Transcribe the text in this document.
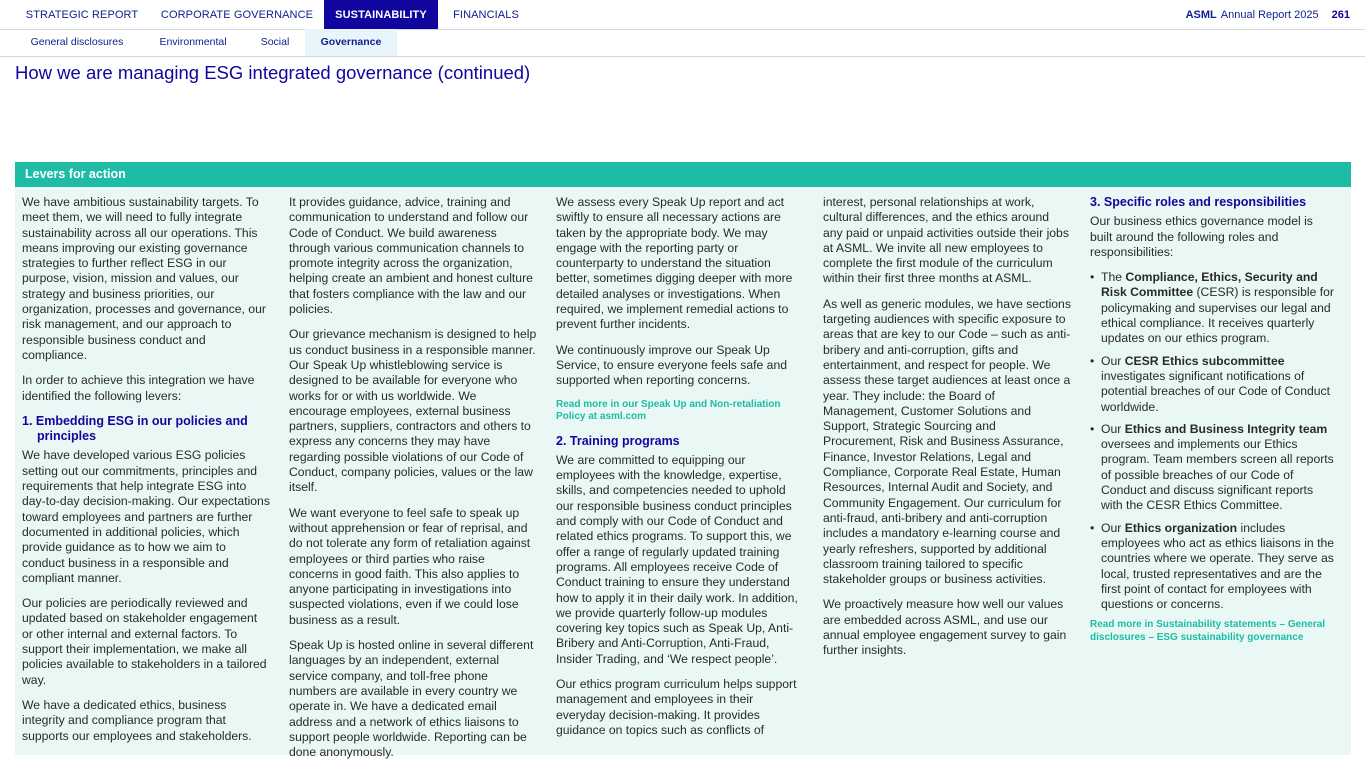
STRATEGIC REPORT	CORPORATE GOVERNANCE	SUSTAINABILITY	FINANCIALS	ASML Annual Report 2025 261
General disclosures	Environmental	Social	Governance
How we are managing ESG integrated governance (continued)
Levers for action

We have ambitious sustainability targets. To meet them, we will need to fully integrate sustainability across all our operations. This means improving our existing governance strategies to further reflect ESG in our purpose, vision, mission and values, our strategy and business priorities, our organization, processes and governance, our risk management, and our approach to responsible business conduct and compliance.

In order to achieve this integration we have identified the following levers:

1. Embedding ESG in our policies and principles

We have developed various ESG policies setting out our commitments, principles and requirements that help integrate ESG into day-to-day decision-making. Our expectations toward employees and partners are further documented in additional policies, which provide guidance as to how we aim to conduct business in a responsible and compliant manner.

Our policies are periodically reviewed and updated based on stakeholder engagement or other internal and external factors. To support their implementation, we make all policies available to stakeholders in a tailored way.

We have a dedicated ethics, business integrity and compliance program that supports our employees and stakeholders.

It provides guidance, advice, training and communication to understand and follow our Code of Conduct. We build awareness through various communication channels to promote integrity across the organization, helping create an ambient and honest culture that fosters compliance with the law and our policies.

Our grievance mechanism is designed to help us conduct business in a responsible manner. Our Speak Up whistleblowing service is designed to be available for everyone who works for or with us worldwide. We encourage employees, external business partners, suppliers, contractors and others to express any concerns they may have regarding possible violations of our Code of Conduct, company policies, values or the law itself.

We want everyone to feel safe to speak up without apprehension or fear of reprisal, and do not tolerate any form of retaliation against employees or third parties who raise concerns in good faith. This also applies to anyone participating in investigations into suspected violations, even if we could lose business as a result.

Speak Up is hosted online in several different languages by an independent, external service company, and toll-free phone numbers are available in every country we operate in. We have a dedicated email address and a network of ethics liaisons to support people worldwide. Reporting can be done anonymously.

We assess every Speak Up report and act swiftly to ensure all necessary actions are taken by the appropriate body. We may engage with the reporting party or counterparty to understand the situation better, sometimes digging deeper with more detailed analyses or investigations. When required, we implement remedial actions to prevent further incidents.

We continuously improve our Speak Up Service, to ensure everyone feels safe and supported when reporting concerns.

Read more in our Speak Up and Non-retaliation Policy at asml.com

2. Training programs

We are committed to equipping our employees with the knowledge, expertise, skills, and competencies needed to uphold our responsible business conduct principles and comply with our Code of Conduct and related ethics programs. To support this, we offer a range of regularly updated training programs. All employees receive Code of Conduct training to ensure they understand how to apply it in their daily work. In addition, we provide quarterly follow-up modules covering key topics such as Speak Up, Anti-Bribery and Anti-Corruption, Anti-Fraud, Insider Trading, and ‘We respect people’.

Our ethics program curriculum helps support management and employees in their everyday decision-making. It provides guidance on topics such as conflicts of

interest, personal relationships at work, cultural differences, and the ethics around any paid or unpaid activities outside their jobs at ASML. We invite all new employees to complete the first module of the curriculum within their first three months at ASML.

As well as generic modules, we have sections targeting audiences with specific exposure to areas that are key to our Code – such as anti-bribery and anti-corruption, gifts and entertainment, and respect for people. We assess these target audiences at least once a year. They include: the Board of Management, Customer Solutions and Support, Strategic Sourcing and Procurement, Risk and Business Assurance, Finance, Investor Relations, Legal and Compliance, Corporate Real Estate, Human Resources, Internal Audit and Society, and Community Engagement. Our curriculum for anti-fraud, anti-bribery and anti-corruption includes a mandatory e-learning course and yearly refreshers, supported by additional classroom training tailored to specific stakeholder groups or business activities.

We proactively measure how well our values are embedded across ASML, and use our annual employee engagement survey to gain further insights.

3. Specific roles and responsibilities

Our business ethics governance model is built around the following roles and responsibilities:

• The Compliance, Ethics, Security and Risk Committee (CESR) is responsible for policymaking and supervises our legal and ethical compliance. It receives quarterly updates on our ethics program.
• Our CESR Ethics subcommittee investigates significant notifications of potential breaches of our Code of Conduct worldwide.
• Our Ethics and Business Integrity team oversees and implements our Ethics program. Team members screen all reports of possible breaches of our Code of Conduct and discuss significant reports with the CESR Ethics Committee.
• Our Ethics organization includes employees who act as ethics liaisons in the countries where we operate. They serve as local, trusted representatives and are the first point of contact for employees with questions or concerns.

Read more in Sustainability statements – General disclosures – ESG sustainability governance
